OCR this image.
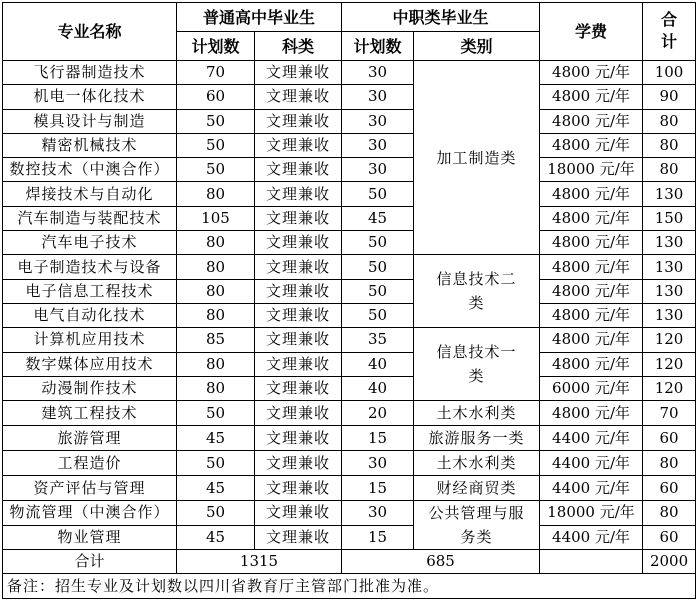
专业名称	普通高中毕业生		中职类毕业生		学费	合计
	计划数	科类	计划数	类别		
飞行器制造技术	70	文理兼收	30	加工制造类	4800 元/年	100
机电一体化技术	60	文理兼收	30		4800 元/年	90
模具设计与制造	50	文理兼收	30		4800 元/年	80
精密机械技术	50	文理兼收	30		4800 元/年	80
数控技术（中澳合作）	50	文理兼收	30		18000 元/年	80
焊接技术与自动化	80	文理兼收	50		4800 元/年	130
汽车制造与装配技术	105	文理兼收	45		4800 元/年	150
汽车电子技术	80	文理兼收	50		4800 元/年	130
电子制造技术与设备	80	文理兼收	50	信息技术二类	4800 元/年	130
电子信息工程技术	80	文理兼收	50		4800 元/年	130
电气自动化技术	80	文理兼收	50		4800 元/年	130
计算机应用技术	85	文理兼收	35	信息技术一类	4800 元/年	120
数字媒体应用技术	80	文理兼收	40		4800 元/年	120
动漫制作技术	80	文理兼收	40		6000 元/年	120
建筑工程技术	50	文理兼收	20	土木水利类	4800 元/年	70
旅游管理	45	文理兼收	15	旅游服务一类	4400 元/年	60
工程造价	50	文理兼收	30	土木水利类	4400 元/年	80
资产评估与管理	45	文理兼收	15	财经商贸类	4400 元/年	60
物流管理（中澳合作）	50	文理兼收	30	公共管理与服务类	18000 元/年	80
物业管理	45	文理兼收	15		4400 元/年	60
合计	1315		685			2000
备注：招生专业及计划数以四川省教育厅主管部门批准为准。						
